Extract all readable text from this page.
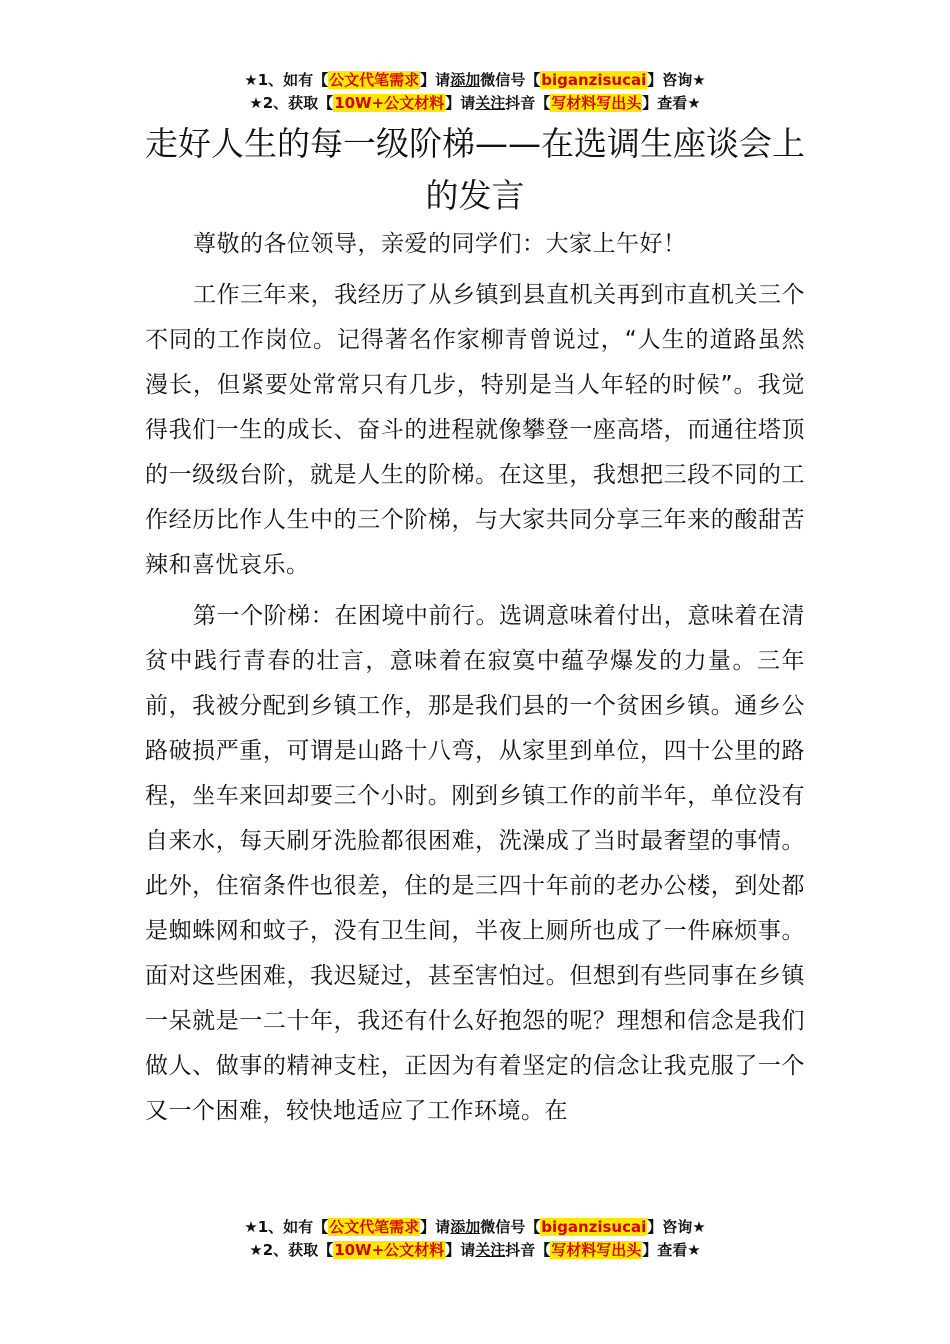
★1、如有【公文代笔需求】请添加微信号【biganzisucai】咨询★
★2、获取【10W+公文材料】请关注抖音【写材料写出头】查看★
走好人生的每一级阶梯——在选调生座谈会上的发言

尊敬的各位领导，亲爱的同学们：大家上午好！

工作三年来，我经历了从乡镇到县直机关再到市直机关三个不同的工作岗位。记得著名作家柳青曾说过，“人生的道路虽然漫长，但紧要处常常只有几步，特别是当人年轻的时候”。我觉得我们一生的成长、奋斗的进程就像攀登一座高塔，而通往塔顶的一级级台阶，就是人生的阶梯。在这里，我想把三段不同的工作经历比作人生中的三个阶梯，与大家共同分享三年来的酸甜苦辣和喜忧哀乐。

第一个阶梯：在困境中前行。选调意味着付出，意味着在清贫中践行青春的壮言，意味着在寂寞中蕴孕爆发的力量。三年前，我被分配到乡镇工作，那是我们县的一个贫困乡镇。通乡公路破损严重，可谓是山路十八弯，从家里到单位，四十公里的路程，坐车来回却要三个小时。刚到乡镇工作的前半年，单位没有自来水，每天刷牙洗脸都很困难，洗澡成了当时最奢望的事情。此外，住宿条件也很差，住的是三四十年前的老办公楼，到处都是蜘蛛网和蚊子，没有卫生间，半夜上厕所也成了一件麻烦事。面对这些困难，我迟疑过，甚至害怕过。但想到有些同事在乡镇一呆就是一二十年，我还有什么好抱怨的呢？理想和信念是我们做人、做事的精神支柱，正因为有着坚定的信念让我克服了一个又一个困难，较快地适应了工作环境。在

★1、如有【公文代笔需求】请添加微信号【biganzisucai】咨询★
★2、获取【10W+公文材料】请关注抖音【写材料写出头】查看★
